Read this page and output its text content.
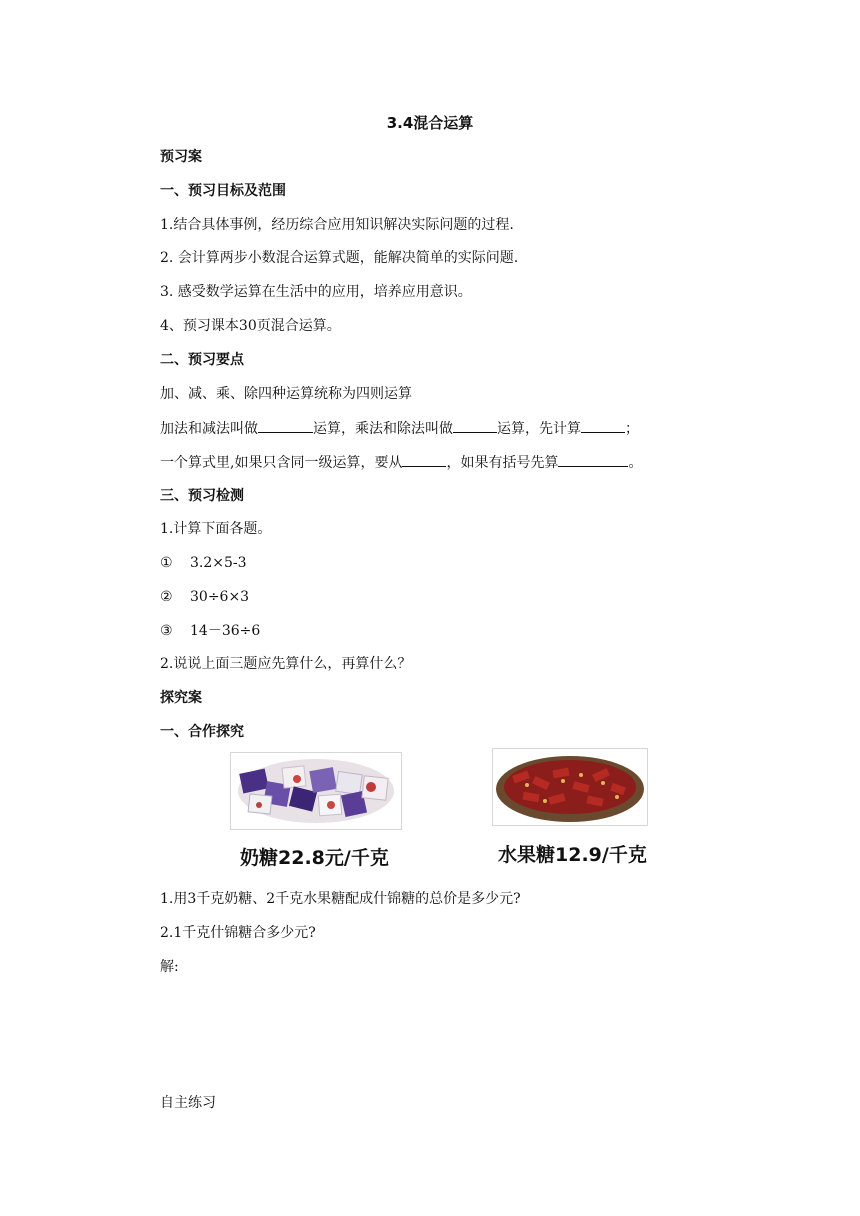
3.4混合运算
预习案
一、预习目标及范围
1.结合具体事例，经历综合应用知识解决实际问题的过程.
2. 会计算两步小数混合运算式题，能解决简单的实际问题.
3. 感受数学运算在生活中的应用，培养应用意识。
4、预习课本30页混合运算。
二、预习要点
加、减、乘、除四种运算统称为四则运算
加法和减法叫做	运算，乘法和除法叫做	运算，先计算	；
一个算式里,如果只含同一级运算，要从	，如果有括号先算	。
三、预习检测
1.计算下面各题。
① 3.2×5-3
② 30÷6×3
③ 14－36÷6
2.说说上面三题应先算什么，再算什么？
探究案
一、合作探究
奶糖22.8元/千克	水果糖12.9/千克
1.用3千克奶糖、2千克水果糖配成什锦糖的总价是多少元?
2.1千克什锦糖合多少元?
解:
自主练习
